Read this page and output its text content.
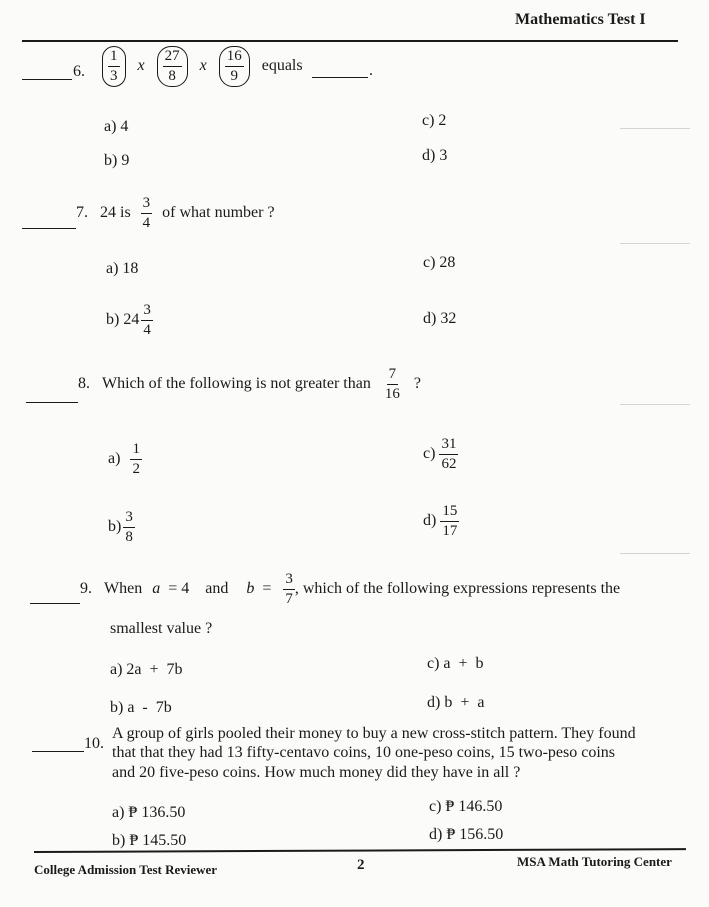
Mathematics Test I
6. $\frac{1}{3}$ x $\frac{27}{8}$ x $\frac{16}{9}$ equals	.
a) 4
b) 9
c) 2
d) 3
7. 24 is $\frac{3}{4}$ of what number ?
a) 18
b) $24 \frac{3}{4}$
c) 28
d) 32
8. Which of the following is not greater than $\frac{7}{16}$ ?
$a) \frac{1}{2}$
$b) \frac{3}{8}$
$c) \frac{31}{62}$
$d) \frac{15}{17}$
9. When a = 4 and $b = \frac{3}{7}$ , which of the following expressions represents the
smallest value ?
a) 2a  +  7b
b) a  -  7b
c) a  +  b
d) b  +  a
10.
A group of girls pooled their money to buy a new cross-stitch pattern. They found
that that they had 13 fifty-centavo coins, 10 one-peso coins, 15 two-peso coins
and 20 five-peso coins. How much money did they have in all ?
a) ₱ 136.50
b) ₱ 145.50
c) ₱ 146.50
d) ₱ 156.50
College Admission Test Reviewer	2	MSA Math Tutoring Center
